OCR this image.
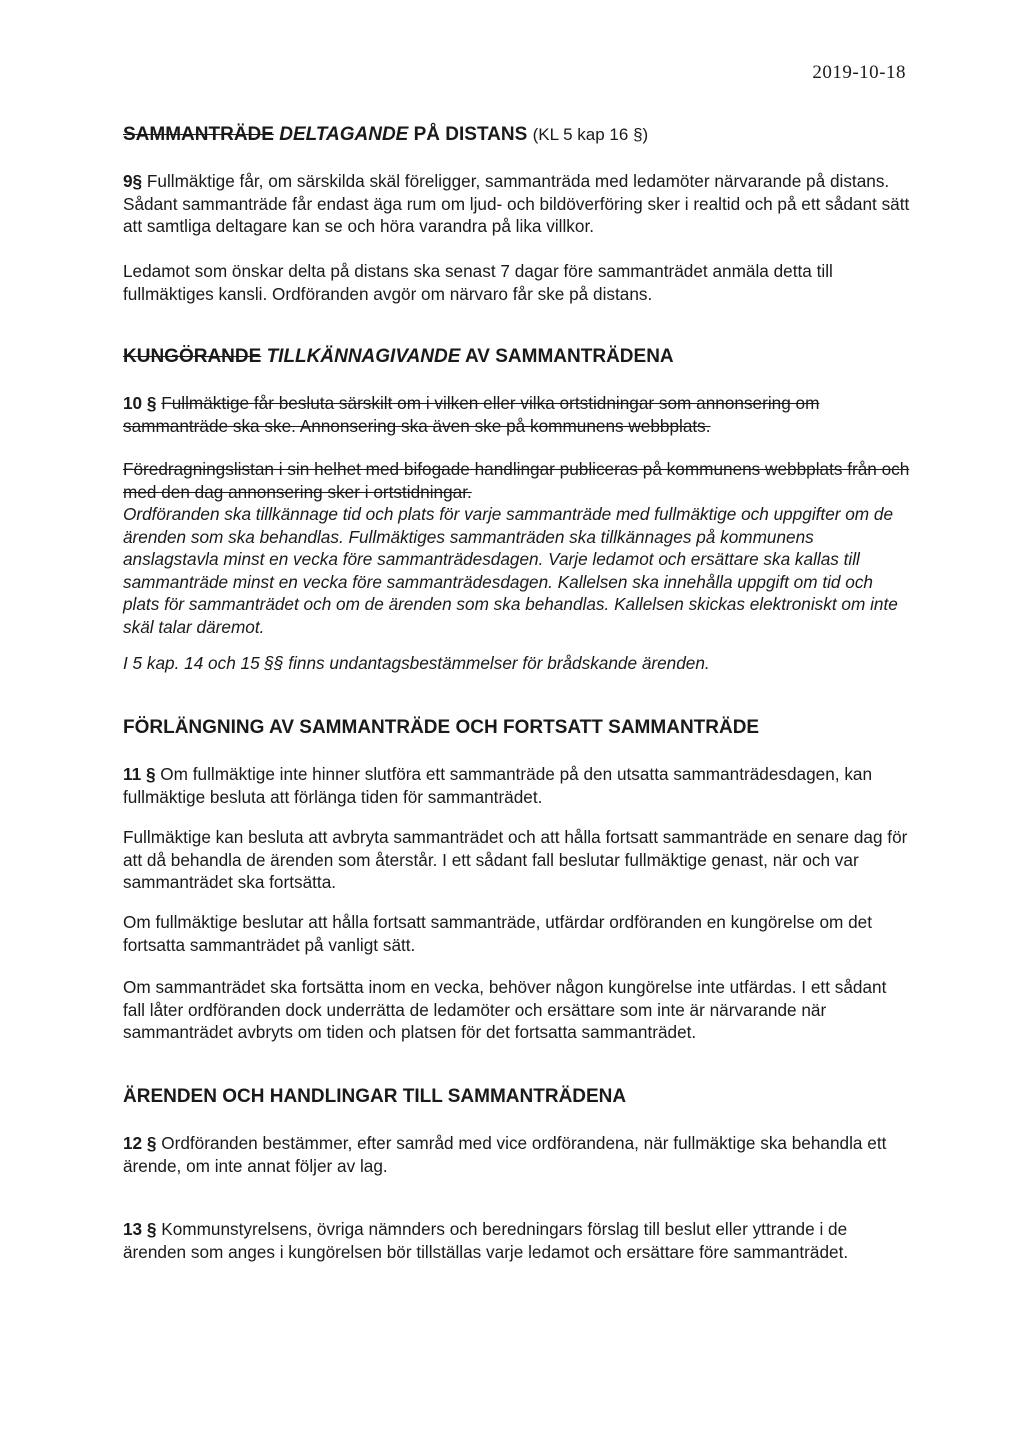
2019-10-18
SAMMANTRÄDE DELTAGANDE PÅ DISTANS (KL 5 kap 16 §)

9§ Fullmäktige får, om särskilda skäl föreligger, sammanträda med ledamöter närvarande på distans. Sådant sammanträde får endast äga rum om ljud- och bildöverföring sker i realtid och på ett sådant sätt att samtliga deltagare kan se och höra varandra på lika villkor.

Ledamot som önskar delta på distans ska senast 7 dagar före sammanträdet anmäla detta till fullmäktiges kansli. Ordföranden avgör om närvaro får ske på distans.

KUNGÖRANDE TILLKÄNNAGIVANDE AV SAMMANTRÄDENA

10 § Fullmäktige får besluta särskilt om i vilken eller vilka ortstidningar som annonsering om sammanträde ska ske. Annonsering ska även ske på kommunens webbplats.

Föredragningslistan i sin helhet med bifogade handlingar publiceras på kommunens webbplats från och med den dag annonsering sker i ortstidningar.

Ordföranden ska tillkännage tid och plats för varje sammanträde med fullmäktige och uppgifter om de ärenden som ska behandlas. Fullmäktiges sammanträden ska tillkännages på kommunens anslagstavla minst en vecka före sammanträdesdagen. Varje ledamot och ersättare ska kallas till sammanträde minst en vecka före sammanträdesdagen. Kallelsen ska innehålla uppgift om tid och plats för sammanträdet och om de ärenden som ska behandlas. Kallelsen skickas elektroniskt om inte skäl talar däremot.

I 5 kap. 14 och 15 §§ finns undantagsbestämmelser för brådskande ärenden.

FÖRLÄNGNING AV SAMMANTRÄDE OCH FORTSATT SAMMANTRÄDE

11 § Om fullmäktige inte hinner slutföra ett sammanträde på den utsatta sammanträdesdagen, kan fullmäktige besluta att förlänga tiden för sammanträdet.

Fullmäktige kan besluta att avbryta sammanträdet och att hålla fortsatt sammanträde en senare dag för att då behandla de ärenden som återstår. I ett sådant fall beslutar fullmäktige genast, när och var sammanträdet ska fortsätta.

Om fullmäktige beslutar att hålla fortsatt sammanträde, utfärdar ordföranden en kungörelse om det fortsatta sammanträdet på vanligt sätt.

Om sammanträdet ska fortsätta inom en vecka, behöver någon kungörelse inte utfärdas. I ett sådant fall låter ordföranden dock underrätta de ledamöter och ersättare som inte är närvarande när sammanträdet avbryts om tiden och platsen för det fortsatta sammanträdet.

ÄRENDEN OCH HANDLINGAR TILL SAMMANTRÄDENA

12 § Ordföranden bestämmer, efter samråd med vice ordförandena, när fullmäktige ska behandla ett ärende, om inte annat följer av lag.

13 § Kommunstyrelsens, övriga nämnders och beredningars förslag till beslut eller yttrande i de ärenden som anges i kungörelsen bör tillställas varje ledamot och ersättare före sammanträdet.
